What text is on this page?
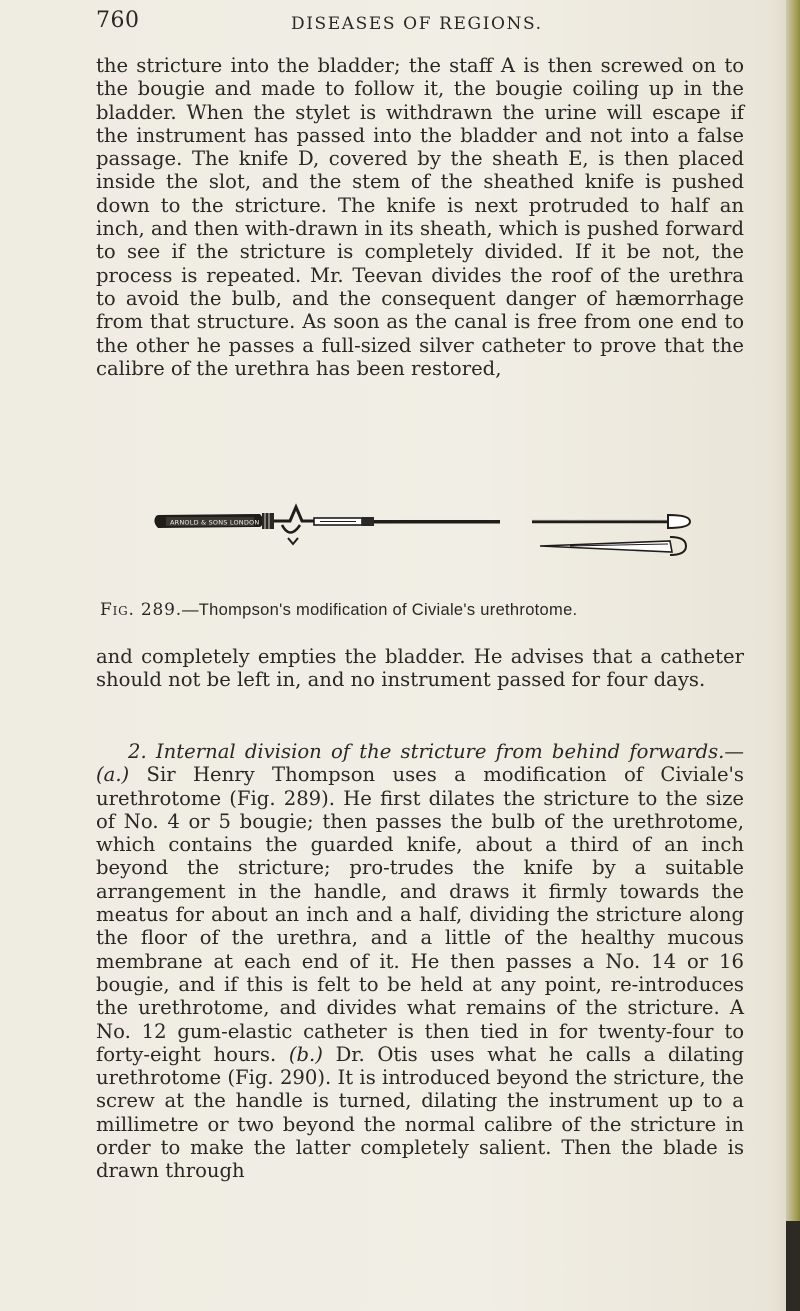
760	DISEASES OF REGIONS.

the stricture into the bladder; the staff A is then screwed on to the bougie and made to follow it, the bougie coiling up in the bladder. When the stylet is withdrawn the urine will escape if the instrument has passed into the bladder and not into a false passage. The knife D, covered by the sheath E, is then placed inside the slot, and the stem of the sheathed knife is pushed down to the stricture. The knife is next protruded to half an inch, and then with-drawn in its sheath, which is pushed forward to see if the stricture is completely divided. If it be not, the process is repeated. Mr. Teevan divides the roof of the urethra to avoid the bulb, and the consequent danger of hæmorrhage from that structure. As soon as the canal is free from one end to the other he passes a full-sized silver catheter to prove that the calibre of the urethra has been restored,

ARNOLD & SONS LONDON
Fig. 289.—Thompson's modification of Civiale's urethrotome.

and completely empties the bladder. He advises that a catheter should not be left in, and no instrument passed for four days.

2. Internal division of the stricture from behind forwards.—(a.) Sir Henry Thompson uses a modification of Civiale's urethrotome (Fig. 289). He first dilates the stricture to the size of No. 4 or 5 bougie; then passes the bulb of the urethrotome, which contains the guarded knife, about a third of an inch beyond the stricture; pro-trudes the knife by a suitable arrangement in the handle, and draws it firmly towards the meatus for about an inch and a half, dividing the stricture along the floor of the urethra, and a little of the healthy mucous membrane at each end of it. He then passes a No. 14 or 16 bougie, and if this is felt to be held at any point, re-introduces the urethrotome, and divides what remains of the stricture. A No. 12 gum-elastic catheter is then tied in for twenty-four to forty-eight hours. (b.) Dr. Otis uses what he calls a dilating urethrotome (Fig. 290). It is introduced beyond the stricture, the screw at the handle is turned, dilating the instrument up to a millimetre or two beyond the normal calibre of the stricture in order to make the latter completely salient. Then the blade is drawn through
